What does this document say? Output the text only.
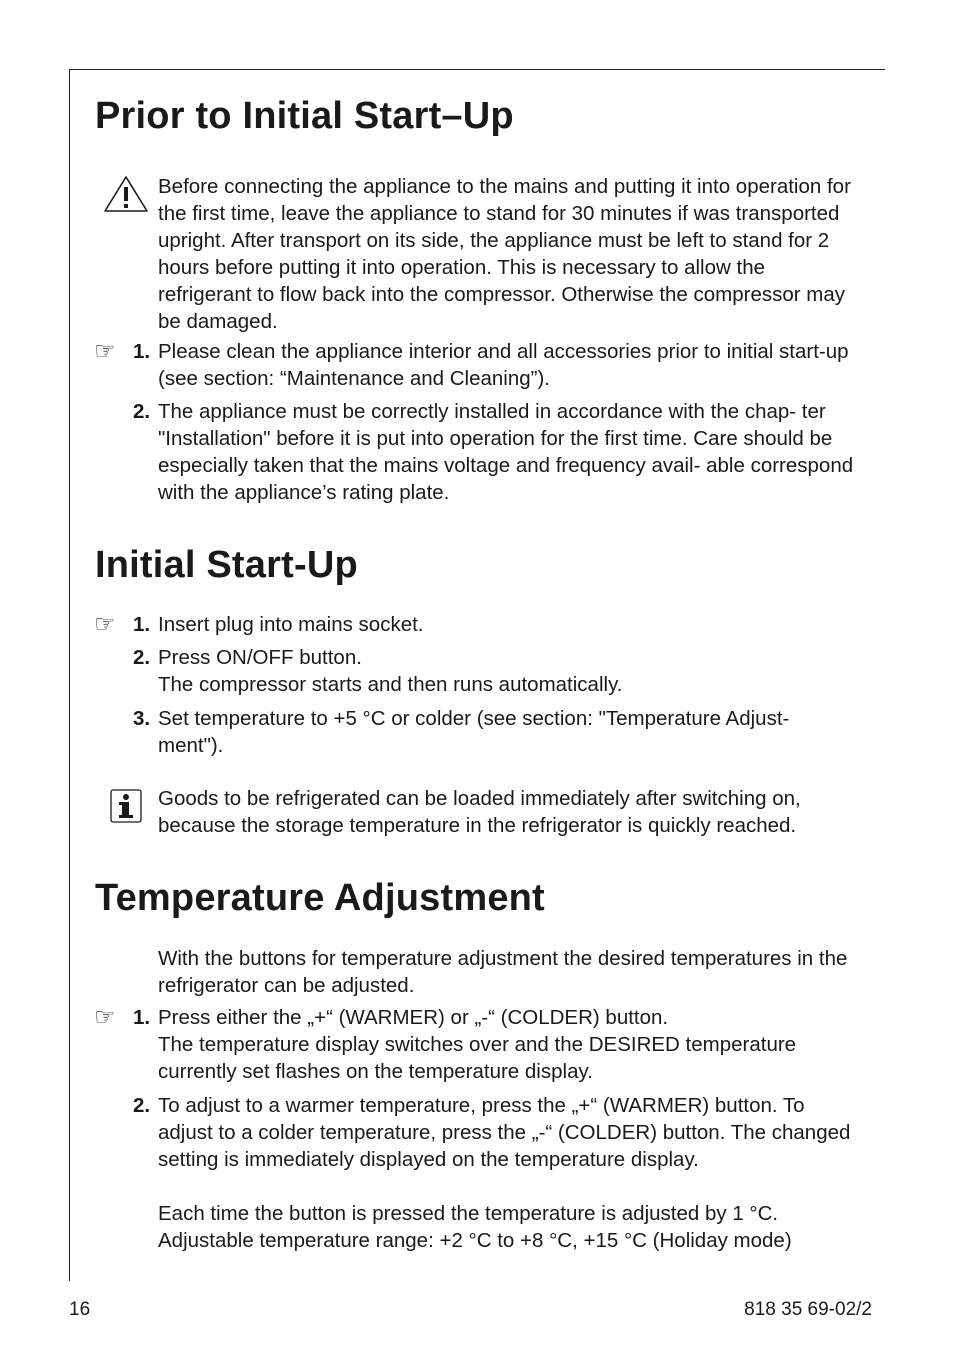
Prior to Initial Start–Up

Before connecting the appliance to the mains and putting it into operation for the first time, leave the appliance to stand for 30 minutes if was transported upright. After transport on its side, the appliance must be left to stand for 2 hours before putting it into operation. This is necessary to allow the refrigerant to flow back into the compressor. Otherwise the compressor may be damaged.

☞ 1. Please clean the appliance interior and all accessories prior to initial start-up (see section: “Maintenance and Cleaning”).

2. The appliance must be correctly installed in accordance with the chap- ter "Installation" before it is put into operation for the first time. Care should be especially taken that the mains voltage and frequency avail- able correspond with the appliance’s rating plate.

Initial Start-Up
☞ 1. Insert plug into mains socket.

2. Press ON/OFF button.

The compressor starts and then runs automatically.

3. Set temperature to +5 °C or colder (see section: "Temperature Adjust- ment").

Goods to be refrigerated can be loaded immediately after switching on, because the storage temperature in the refrigerator is quickly reached.

Temperature Adjustment

With the buttons for temperature adjustment the desired temperatures in the refrigerator can be adjusted.

☞ 1. Press either the „+“ (WARMER) or „-“ (COLDER) button.

The temperature display switches over and the DESIRED temperature currently set flashes on the temperature display.

2. To adjust to a warmer temperature, press the „+“ (WARMER) button. To adjust to a colder temperature, press the „-“ (COLDER) button. The changed setting is immediately displayed on the temperature display.

Each time the button is pressed the temperature is adjusted by 1 °C.

Adjustable temperature range: +2 °C to +8 °C, +15 °C (Holiday mode)

16	818 35 69-02/2
